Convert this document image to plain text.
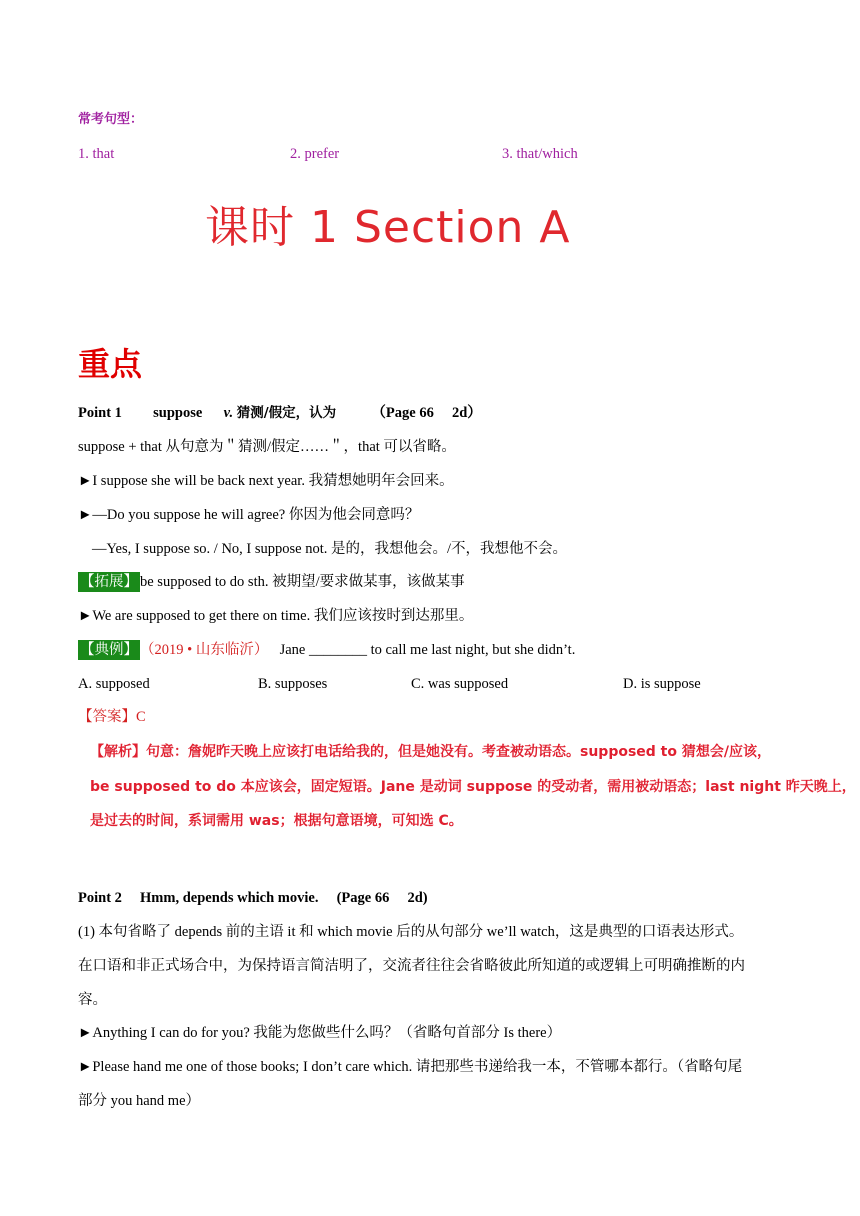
常考句型：
1. that	2. prefer	3. that/which
课时 1 Section A
重点
Point 1 suppose v. 猜测/假定，认为 （Page 66　 2d）
suppose + that 从句意为＂猜测/假定……＂，that 可以省略。
►I suppose she will be back next year. 我猜想她明年会回来。
►—Do you suppose he will agree? 你因为他会同意吗？
—Yes, I suppose so. / No, I suppose not. 是的，我想他会。/不，我想他不会。
【拓展】 be supposed to do sth. 被期望/要求做某事，该做某事
►We are supposed to get there on time. 我们应该按时到达那里。
【典例】 （2019 • 山东临沂） Jane ________ to call me last night, but she didn’t.
A. supposed	B. supposes	C. was supposed	D. is suppose
【答案】C
【解析】句意：詹妮昨天晚上应该打电话给我的，但是她没有。考查被动语态。supposed to 猜想会/应该，
be supposed to do 本应该会，固定短语。Jane 是动词 suppose 的受动者，需用被动语态；last night 昨天晚上，
是过去的时间，系词需用 was；根据句意语境，可知选 C。
Point 2　 Hmm, depends which movie.　 (Page 66　 2d)
(1) 本句省略了 depends 前的主语 it 和 which movie 后的从句部分 we’ll watch，这是典型的口语表达形式。
在口语和非正式场合中，为保持语言简洁明了，交流者往往会省略彼此所知道的或逻辑上可明确推断的内
容。
►Anything I can do for you? 我能为您做些什么吗？（省略句首部分 Is there）
►Please hand me one of those books; I don’t care which. 请把那些书递给我一本，不管哪本都行。（省略句尾
部分 you hand me）
